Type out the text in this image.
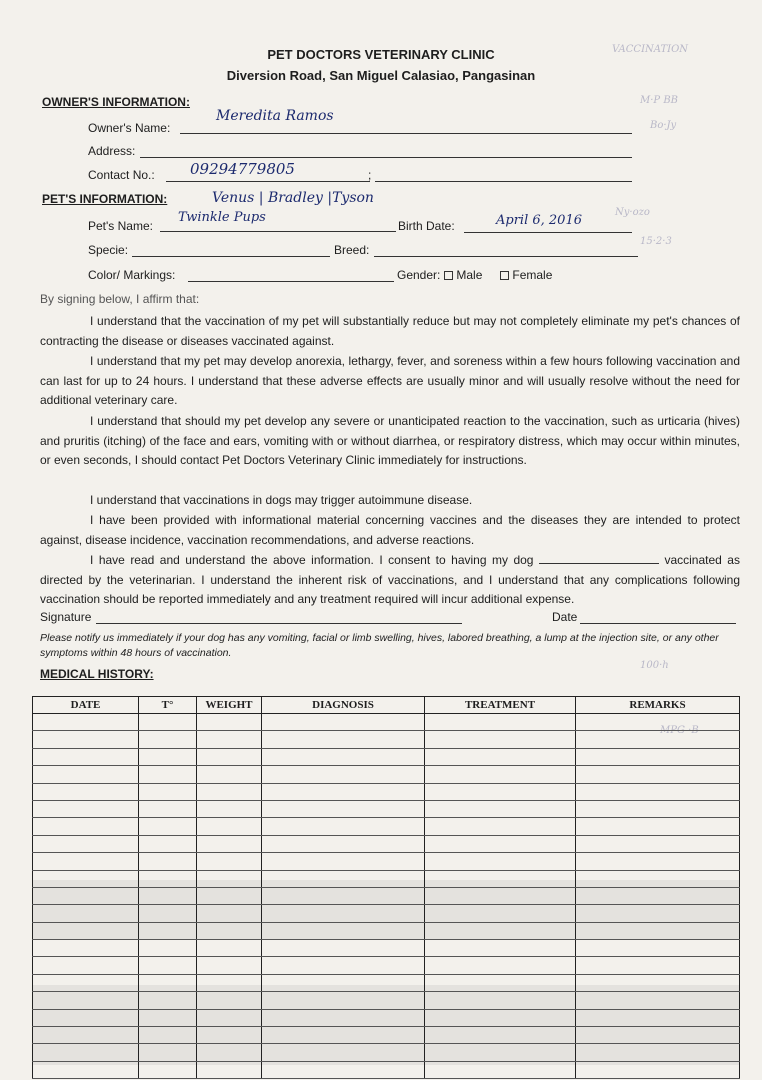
VACCINATION
M·P BB
Bo·Jy
Ny·ozo
15·2·3
100·h
MPG ·B
PET DOCTORS VETERINARY CLINIC
Diversion Road, San Miguel Calasiao, Pangasinan
OWNER'S INFORMATION:
Owner's Name:
Meredita Ramos
Address:
Contact No.:	;
09294779805
PET'S INFORMATION:	Venus | Bradley |Tyson
Pet's Name:
Twinkle Pups
Birth Date:	April 6, 2016
Specie:	Breed:
Color/ Markings:	Gender: Male	Female
By signing below, I affirm that:
I understand that the vaccination of my pet will substantially reduce but may not completely eliminate my pet's chances of contracting the disease or diseases vaccinated against.
I understand that my pet may develop anorexia, lethargy, fever, and soreness within a few hours following vaccination and can last for up to 24 hours. I understand that these adverse effects are usually minor and will usually resolve without the need for additional veterinary care.
I understand that should my pet develop any severe or unanticipated reaction to the vaccination, such as urticaria (hives) and pruritis (itching) of the face and ears, vomiting with or without diarrhea, or respiratory distress, which may occur within minutes, or even seconds, I should contact Pet Doctors Veterinary Clinic immediately for instructions.
I understand that vaccinations in dogs may trigger autoimmune disease.
I have been provided with informational material concerning vaccines and the diseases they are intended to protect against, disease incidence, vaccination recommendations, and adverse reactions.
I have read and understand the above information. I consent to having my dog	vaccinated as directed by the veterinarian. I understand the inherent risk of vaccinations, and I understand that any complications following vaccination should be reported immediately and any treatment required will incur additional expense.
Signature	Date
Please notify us immediately if your dog has any vomiting, facial or limb swelling, hives, labored breathing, a lump at the injection site, or any other symptoms within 48 hours of vaccination.
MEDICAL HISTORY:
DATE	T°	WEIGHT	DIAGNOSIS	TREATMENT	REMARKS
